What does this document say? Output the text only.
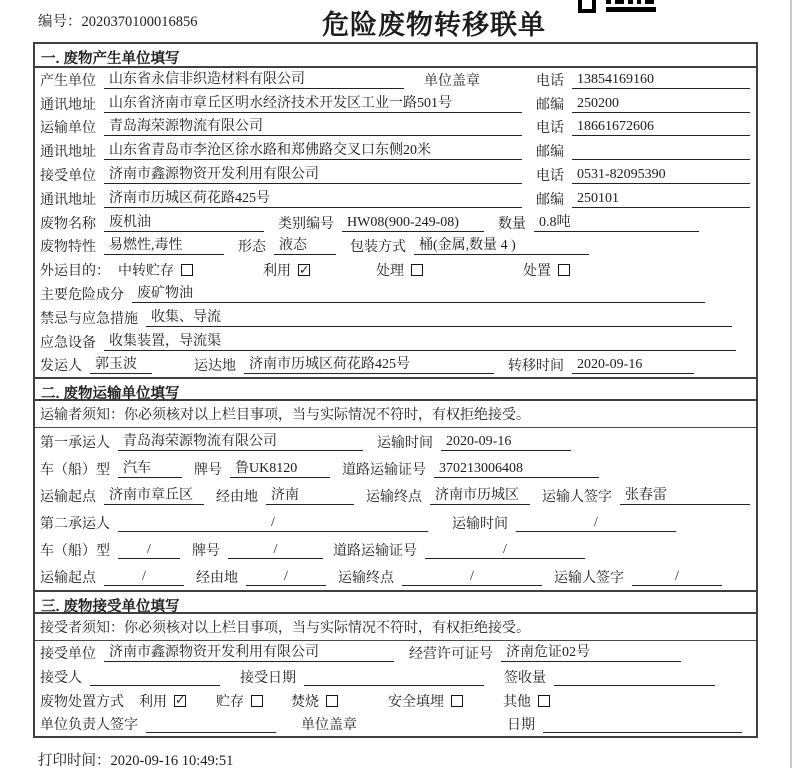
编号：2020370100016856	危险废物转移联单
一. 废物产生单位填写
产生单位 山东省永信非织造材料有限公司	单位盖章	电话 13854169160
通讯地址 山东省济南市章丘区明水经济技术开发区工业一路501号	邮编 250200
运输单位 青岛海荣源物流有限公司	电话 18661672606
通讯地址 山东省青岛市李沧区徐水路和郑佛路交叉口东侧20米	邮编
接受单位 济南市鑫源物资开发利用有限公司	电话 0531-82095390
通讯地址 济南市历城区荷花路425号	邮编 250101
废物名称 废机油	类别编号 HW08(900-249-08)	数量 0.8吨
废物特性 易燃性,毒性	形态 液态	包装方式 桶(金属,数量 4 )
外运目的： 中转贮存	利用 ✓	处理	处置
主要危险成分 废矿物油
禁忌与应急措施 收集、导流
应急设备 收集装置，导流渠
发运人 郭玉波	运达地 济南市历城区荷花路425号	转移时间 2020-09-16
二. 废物运输单位填写
运输者须知： 你必须核对以上栏目事项，当与实际情况不符时，有权拒绝接受。
第一承运人 青岛海荣源物流有限公司	运输时间 2020-09-16
车（船）型 汽车	牌号 鲁UK8120	道路运输证号 370213006408
运输起点 济南市章丘区	经由地 济南	运输终点 济南市历城区	运输人签字 张春雷
第二承运人	/	运输时间	/
车（船）型	/	牌号	/	道路运输证号	/
运输起点	/	经由地	/	运输终点	/	运输人签字	/
三. 废物接受单位填写
接受者须知： 你必须核对以上栏目事项，当与实际情况不符时，有权拒绝接受。
接受单位 济南市鑫源物资开发利用有限公司	经营许可证号 济南危证02号
接受人	接受日期	签收量
废物处置方式 利用 ✓	贮存	焚烧	安全填埋	其他
单位负责人签字	单位盖章	日期
打印时间：2020-09-16 10:49:51
